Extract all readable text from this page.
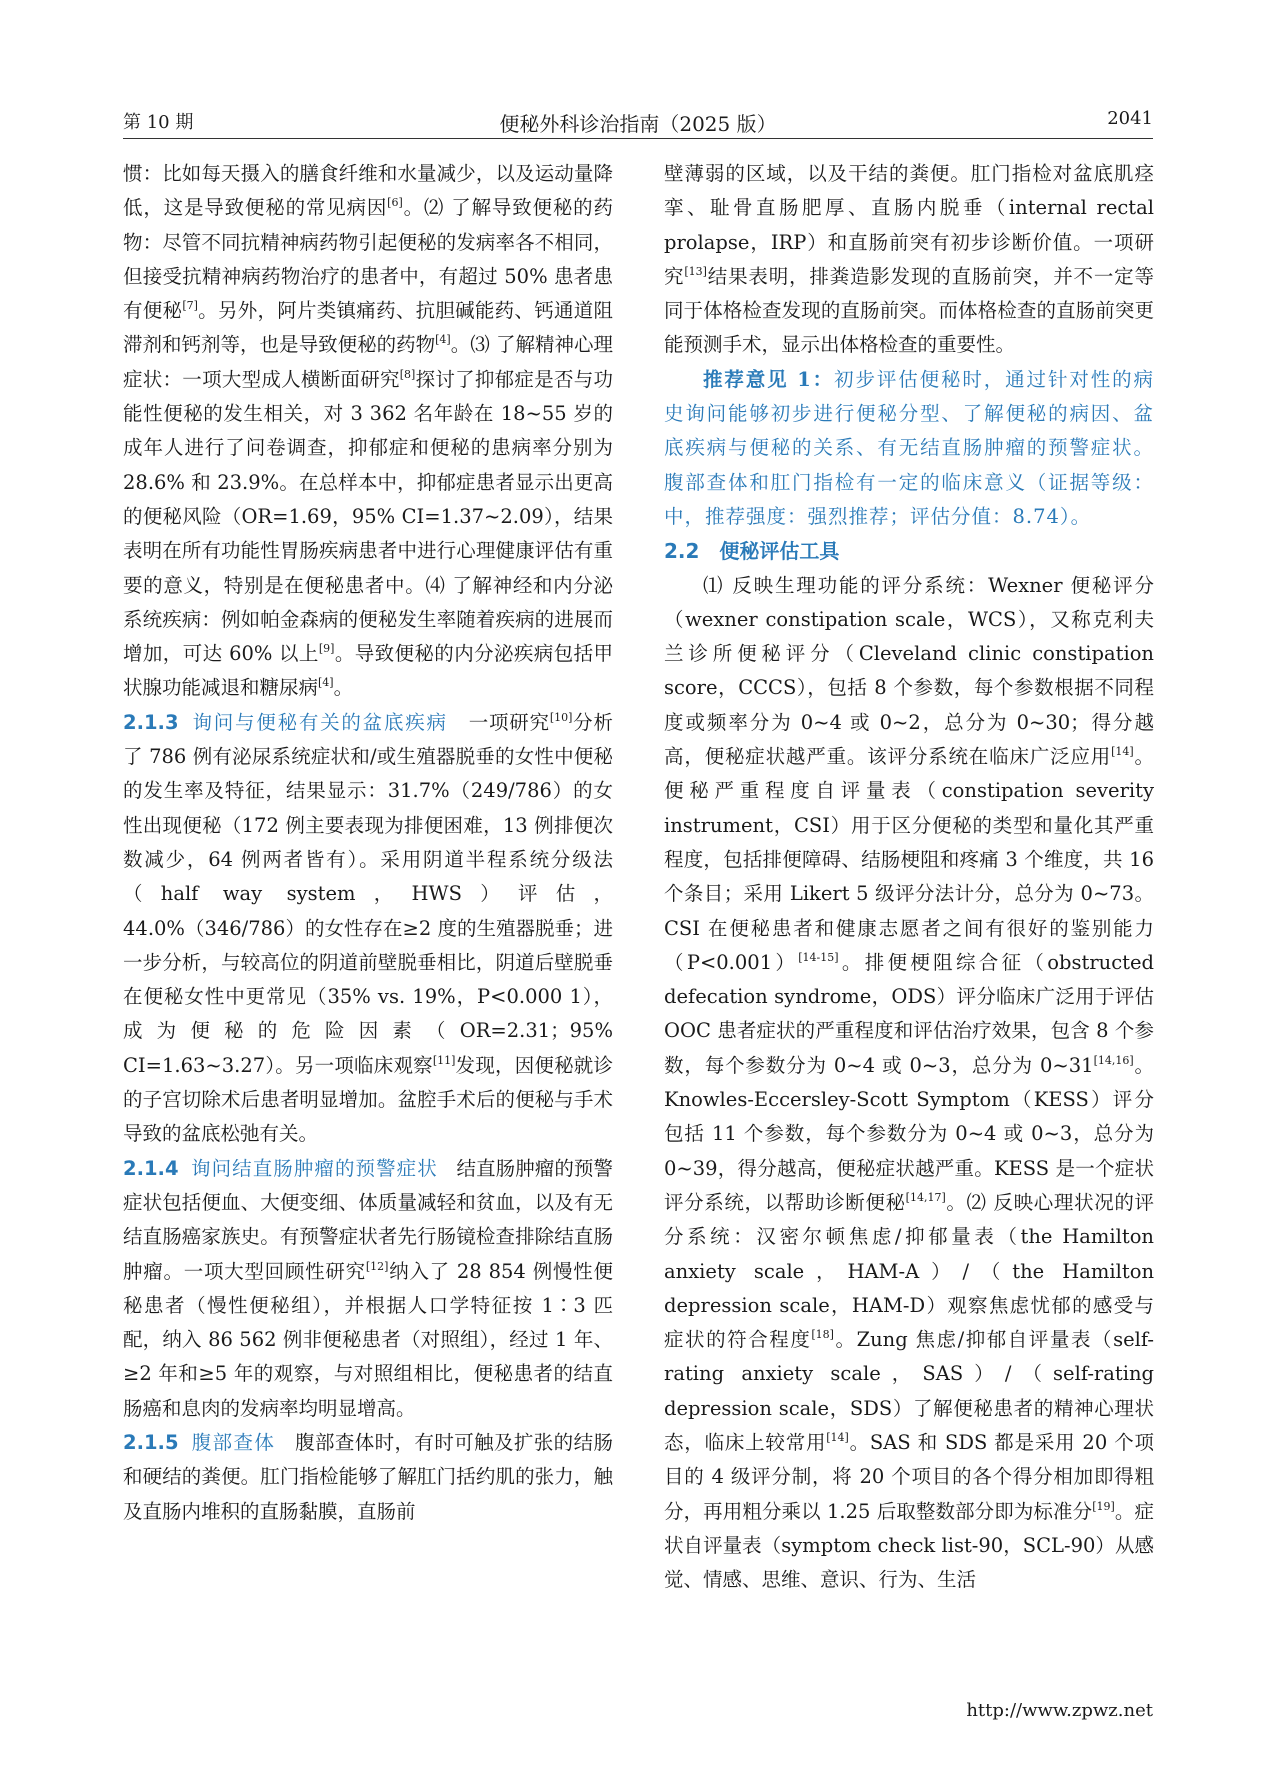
第 10 期	便秘外科诊治指南（2025 版）	2041

惯：比如每天摄入的膳食纤维和水量减少，以及运动量降低，这是导致便秘的常见病因[6]。⑵ 了解导致便秘的药物：尽管不同抗精神病药物引起便秘的发病率各不相同，但接受抗精神病药物治疗的患者中，有超过 50% 患者患有便秘[7]。另外，阿片类镇痛药、抗胆碱能药、钙通道阻滞剂和钙剂等，也是导致便秘的药物[4]。⑶ 了解精神心理症状：一项大型成人横断面研究[8]探讨了抑郁症是否与功能性便秘的发生相关，对 3 362 名年龄在 18~55 岁的成年人进行了问卷调查，抑郁症和便秘的患病率分别为 28.6% 和 23.9%。在总样本中，抑郁症患者显示出更高的便秘风险（OR=1.69，95% CI=1.37~2.09），结果表明在所有功能性胃肠疾病患者中进行心理健康评估有重要的意义，特别是在便秘患者中。⑷ 了解神经和内分泌系统疾病：例如帕金森病的便秘发生率随着疾病的进展而增加，可达 60% 以上[9]。导致便秘的内分泌疾病包括甲状腺功能减退和糖尿病[4]。

2.1.3 询问与便秘有关的盆底疾病 一项研究[10]分析了 786 例有泌尿系统症状和/或生殖器脱垂的女性中便秘的发生率及特征，结果显示：31.7%（249/786）的女性出现便秘（172 例主要表现为排便困难，13 例排便次数减少，64 例两者皆有）。采用阴道半程系统分级法（half way system，HWS）评估，44.0%（346/786）的女性存在≥2 度的生殖器脱垂；进一步分析，与较高位的阴道前壁脱垂相比，阴道后壁脱垂在便秘女性中更常见（35% vs. 19%，P<0.000 1），成为便秘的危险因素（OR=2.31；95% CI=1.63~3.27）。另一项临床观察[11]发现，因便秘就诊的子宫切除术后患者明显增加。盆腔手术后的便秘与手术导致的盆底松弛有关。

2.1.4 询问结直肠肿瘤的预警症状 结直肠肿瘤的预警症状包括便血、大便变细、体质量减轻和贫血，以及有无结直肠癌家族史。有预警症状者先行肠镜检查排除结直肠肿瘤。一项大型回顾性研究[12]纳入了 28 854 例慢性便秘患者（慢性便秘组），并根据人口学特征按 1∶3 匹配，纳入 86 562 例非便秘患者（对照组），经过 1 年、≥2 年和≥5 年的观察，与对照组相比，便秘患者的结直肠癌和息肉的发病率均明显增高。

2.1.5 腹部查体 腹部查体时，有时可触及扩张的结肠和硬结的粪便。肛门指检能够了解肛门括约肌的张力，触及直肠内堆积的直肠黏膜，直肠前

壁薄弱的区域，以及干结的粪便。肛门指检对盆底肌痉挛、耻骨直肠肥厚、直肠内脱垂（internal rectal prolapse，IRP）和直肠前突有初步诊断价值。一项研究[13]结果表明，排粪造影发现的直肠前突，并不一定等同于体格检查发现的直肠前突。而体格检查的直肠前突更能预测手术，显示出体格检查的重要性。

推荐意见 1：初步评估便秘时，通过针对性的病史询问能够初步进行便秘分型、了解便秘的病因、盆底疾病与便秘的关系、有无结直肠肿瘤的预警症状。腹部查体和肛门指检有一定的临床意义（证据等级：中，推荐强度：强烈推荐；评估分值：8.74）。

2.2　便秘评估工具

⑴ 反映生理功能的评分系统：Wexner 便秘评分（wexner constipation scale，WCS），又称克利夫兰诊所便秘评分（Cleveland clinic constipation score，CCCS），包括 8 个参数，每个参数根据不同程度或频率分为 0~4 或 0~2，总分为 0~30；得分越高，便秘症状越严重。该评分系统在临床广泛应用[14]。便秘严重程度自评量表（constipation severity instrument，CSI）用于区分便秘的类型和量化其严重程度，包括排便障碍、结肠梗阻和疼痛 3 个维度，共 16 个条目；采用 Likert 5 级评分法计分，总分为 0~73。CSI 在便秘患者和健康志愿者之间有很好的鉴别能力（P<0.001）[14-15]。排便梗阻综合征（obstructed defecation syndrome，ODS）评分临床广泛用于评估 OOC 患者症状的严重程度和评估治疗效果，包含 8 个参数，每个参数分为 0~4 或 0~3，总分为 0~31[14,16]。Knowles-Eccersley-Scott Symptom（KESS）评分包括 11 个参数，每个参数分为 0~4 或 0~3，总分为 0~39，得分越高，便秘症状越严重。KESS 是一个症状评分系统，以帮助诊断便秘[14,17]。⑵ 反映心理状况的评分系统：汉密尔顿焦虑/抑郁量表（the Hamilton anxiety scale，HAM-A）/（the Hamilton depression scale，HAM-D）观察焦虑忧郁的感受与症状的符合程度[18]。Zung 焦虑/抑郁自评量表（self-rating anxiety scale，SAS）/（self-rating depression scale，SDS）了解便秘患者的精神心理状态，临床上较常用[14]。SAS 和 SDS 都是采用 20 个项目的 4 级评分制，将 20 个项目的各个得分相加即得粗分，再用粗分乘以 1.25 后取整数部分即为标准分[19]。症状自评量表（symptom check list-90，SCL-90）从感觉、情感、思维、意识、行为、生活

http://www.zpwz.net
